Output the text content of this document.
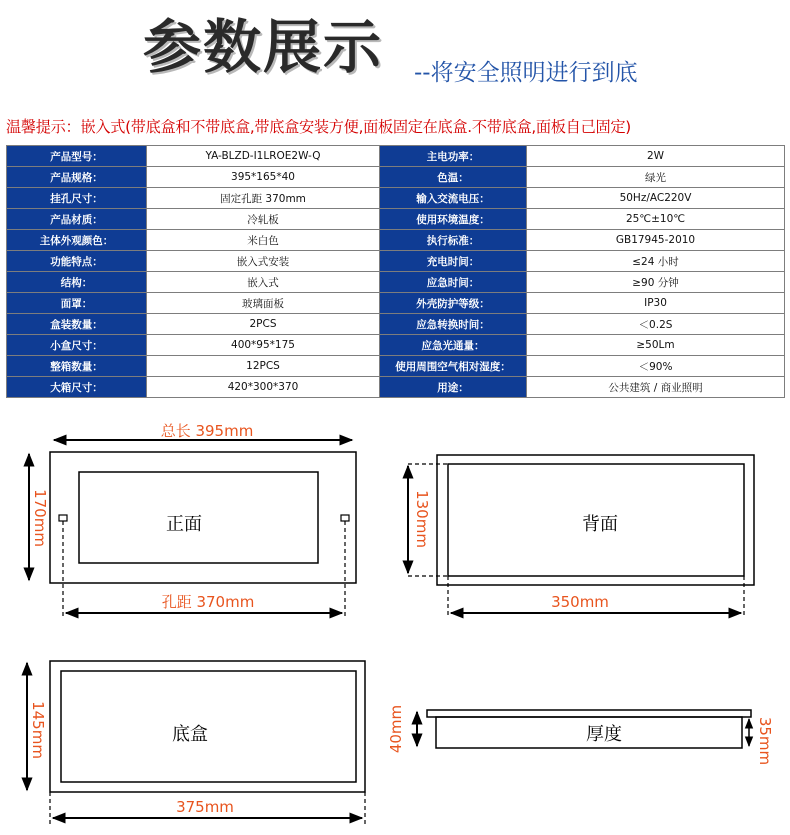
参数展示 --将安全照明进行到底
温馨提示：嵌入式(带底盒和不带底盒,带底盒安装方便,面板固定在底盒.不带底盒,面板自己固定)
产品型号：	YA-BLZD-I1LROE2W-Q	主电功率：	2W
产品规格：	395*165*40	色温：	绿光
挂孔尺寸：	固定孔距 370mm	输入交流电压：	50Hz/AC220V
产品材质：	冷轧板	使用环境温度：	25℃±10℃
主体外观颜色：	米白色	执行标准：	GB17945-2010
功能特点：	嵌入式安装	充电时间：	≤24 小时
结构：	嵌入式	应急时间：	≥90 分钟
面罩：	玻璃面板	外壳防护等级：	IP30
盒装数量：	2PCS	应急转换时间：	＜0.2S
小盒尺寸：	400*95*175	应急光通量：	≥50Lm
整箱数量：	12PCS	使用周围空气相对湿度：	＜90%
大箱尺寸：	420*300*370	用途：	公共建筑 / 商业照明
总长 395mm
170mm	正面
孔距 370mm
130mm	背面
350mm
145mm	底盒
375mm
40mm	35mm
厚度
